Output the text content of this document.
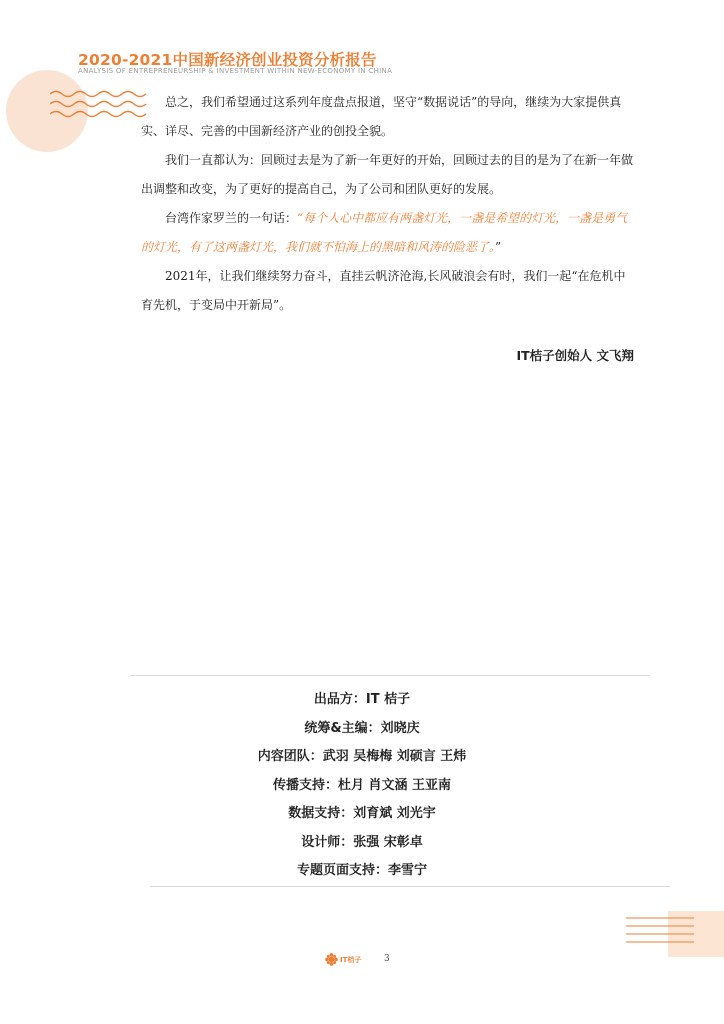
2020-2021中国新经济创业投资分析报告
ANALYSIS OF ENTREPRENEURSHIP & INVESTMENT WITHIN NEW-ECONOMY IN CHINA

总之，我们希望通过这系列年度盘点报道，坚守“数据说话”的导向，继续为大家提供真实、详尽、完善的中国新经济产业的创投全貌。

我们一直都认为：回顾过去是为了新一年更好的开始，回顾过去的目的是为了在新一年做出调整和改变，为了更好的提高自己，为了公司和团队更好的发展。

台湾作家罗兰的一句话：“每个人心中都应有两盏灯光，一盏是希望的灯光，一盏是勇气的灯光，有了这两盏灯光，我们就不怕海上的黑暗和风涛的险恶了。”

2021年，让我们继续努力奋斗，直挂云帆济沧海,长风破浪会有时，我们一起“在危机中育先机，于变局中开新局”。

IT桔子创始人 文飞翔
出品方：IT 桔子
统筹&主编：刘晓庆
内容团队：武羽 吴梅梅 刘硕言 王炜
传播支持：杜月 肖文涵 王亚南
数据支持：刘育斌 刘光宇
设计师：张强 宋彰卓
专题页面支持：李雪宁
IT桔子	3
